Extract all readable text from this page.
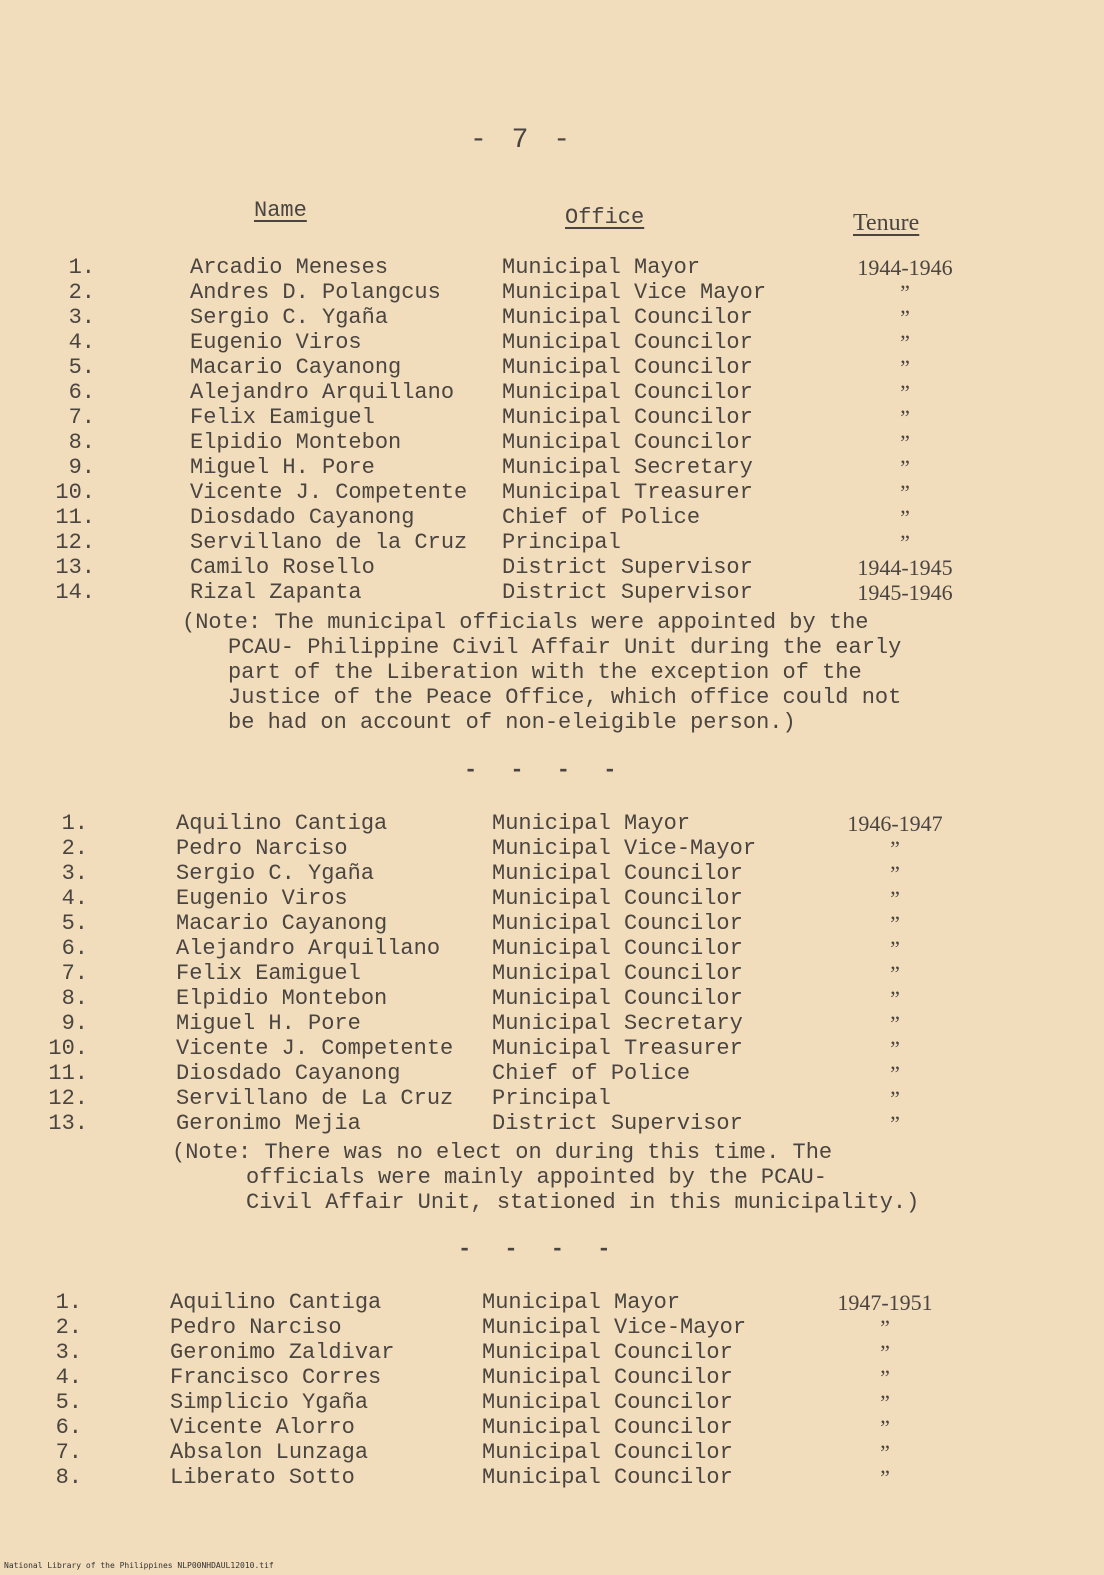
- 7 -
Name	Office	Tenure
1.	Arcadio Meneses	Municipal Mayor	1944-1946
2.	Andres D. Polangcus	Municipal Vice Mayor	”
3.	Sergio C. Ygaña	Municipal Councilor	”
4.	Eugenio Viros	Municipal Councilor	”
5.	Macario Cayanong	Municipal Councilor	”
6.	Alejandro Arquillano Municipal Councilor	”
7.	Felix Eamiguel	Municipal Councilor	”
8.	Elpidio Montebon	Municipal Councilor	”
9.	Miguel H. Pore	Municipal Secretary	”
10.	Vicente J. Competente Municipal Treasurer	”
11.	Diosdado Cayanong	Chief of Police	”
12.	Servillano de la Cruz Principal	”
13.	Camilo Rosello	District Supervisor	1944-1945
14.	Rizal Zapanta	District Supervisor	1945-1946
(Note: The municipal officials were appointed by the
PCAU- Philippine Civil Affair Unit during the early
part of the Liberation with the exception of the
Justice of the Peace Office, which office could not
be had on account of non-eleigible person.)
- - - -
1.	Aquilino Cantiga	Municipal Mayor	1946-1947
2.	Pedro Narciso	Municipal Vice-Mayor	”
3.	Sergio C. Ygaña	Municipal Councilor	”
4.	Eugenio Viros	Municipal Councilor	”
5.	Macario Cayanong	Municipal Councilor	”
6.	Alejandro Arquillano Municipal Councilor	”
7.	Felix Eamiguel	Municipal Councilor	”
8.	Elpidio Montebon	Municipal Councilor	”
9.	Miguel H. Pore	Municipal Secretary	”
10.	Vicente J. Competente Municipal Treasurer	”
11.	Diosdado Cayanong	Chief of Police	”
12.	Servillano de La Cruz Principal	”
13.	Geronimo Mejia	District Supervisor	”
(Note: There was no elect on during this time. The
officials were mainly appointed by the PCAU-
Civil Affair Unit, stationed in this municipality.)
- - - -
1.	Aquilino Cantiga	Municipal Mayor	1947-1951
2.	Pedro Narciso	Municipal Vice-Mayor	”
3.	Geronimo Zaldivar	Municipal Councilor	”
4.	Francisco Corres	Municipal Councilor	”
5.	Simplicio Ygaña	Municipal Councilor	”
6.	Vicente Alorro	Municipal Councilor	”
7.	Absalon Lunzaga	Municipal Councilor	”
8.	Liberato Sotto	Municipal Councilor	”
National Library of the Philippines NLP00NHDAUL12010.tif
